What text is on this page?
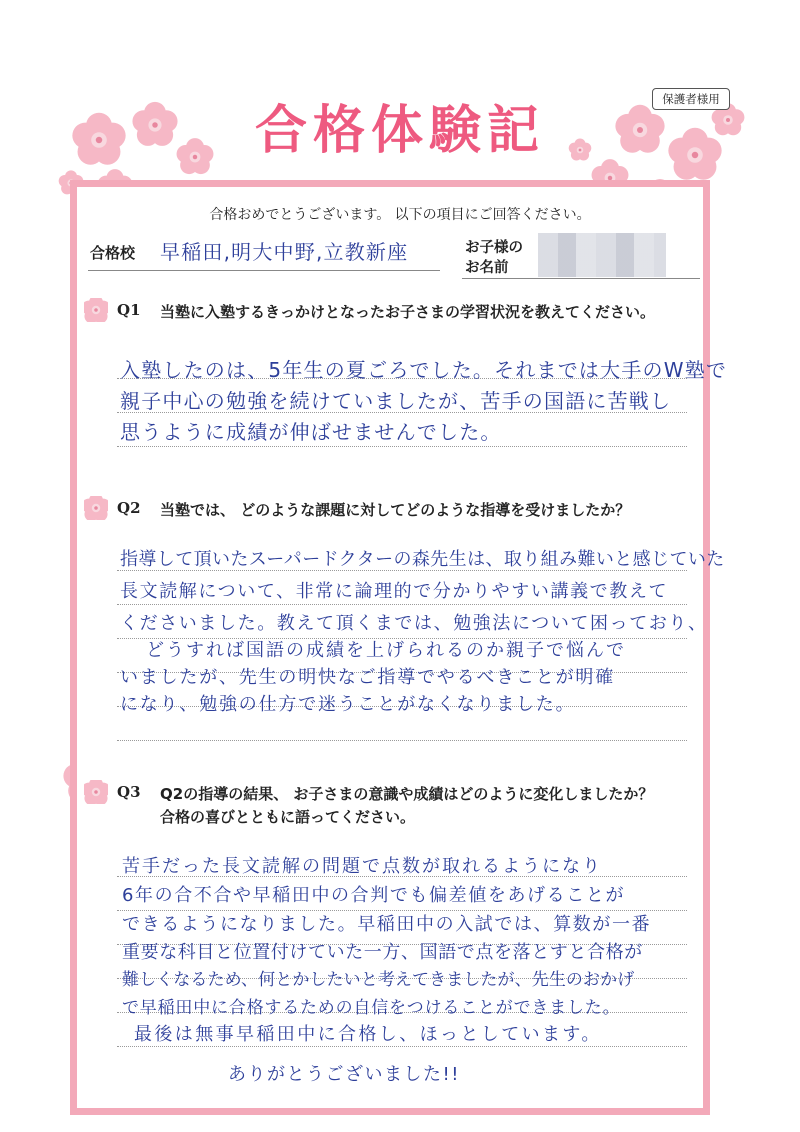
合格体験記
保護者様用
合格おめでとうございます。 以下の項目にご回答ください。
合格校 早稲田,明大中野,立教新座	お子様の
お名前
Q1 当塾に入塾するきっかけとなったお子さまの学習状況を教えてください。
入塾したのは、5年生の夏ごろでした。それまでは大手のW塾で
親子中心の勉強を続けていましたが、苦手の国語に苦戦し
思うように成績が伸ばせませんでした。
Q2 当塾では、 どのような課題に対してどのような指導を受けましたか？
指導して頂いたスーパードクターの森先生は、取り組み難いと感じていた
長文読解について、非常に論理的で分かりやすい講義で教えて
くださいました。教えて頂くまでは、勉強法について困っており、
どうすれば国語の成績を上げられるのか親子で悩んで
いましたが、先生の明快なご指導でやるべきことが明確
になり、勉強の仕方で迷うことがなくなりました。
Q3 Q2の指導の結果、 お子さまの意識や成績はどのように変化しましたか？
合格の喜びとともに語ってください。
苦手だった長文読解の問題で点数が取れるようになり
6年の合不合や早稲田中の合判でも偏差値をあげることが
できるようになりました。早稲田中の入試では、算数が一番
重要な科目と位置付けていた一方、国語で点を落とすと合格が
難しくなるため、何とかしたいと考えてきましたが、先生のおかげ
で早稲田中に合格するための自信をつけることができました。
最後は無事早稲田中に合格し、ほっとしています。
ありがとうございました!!
